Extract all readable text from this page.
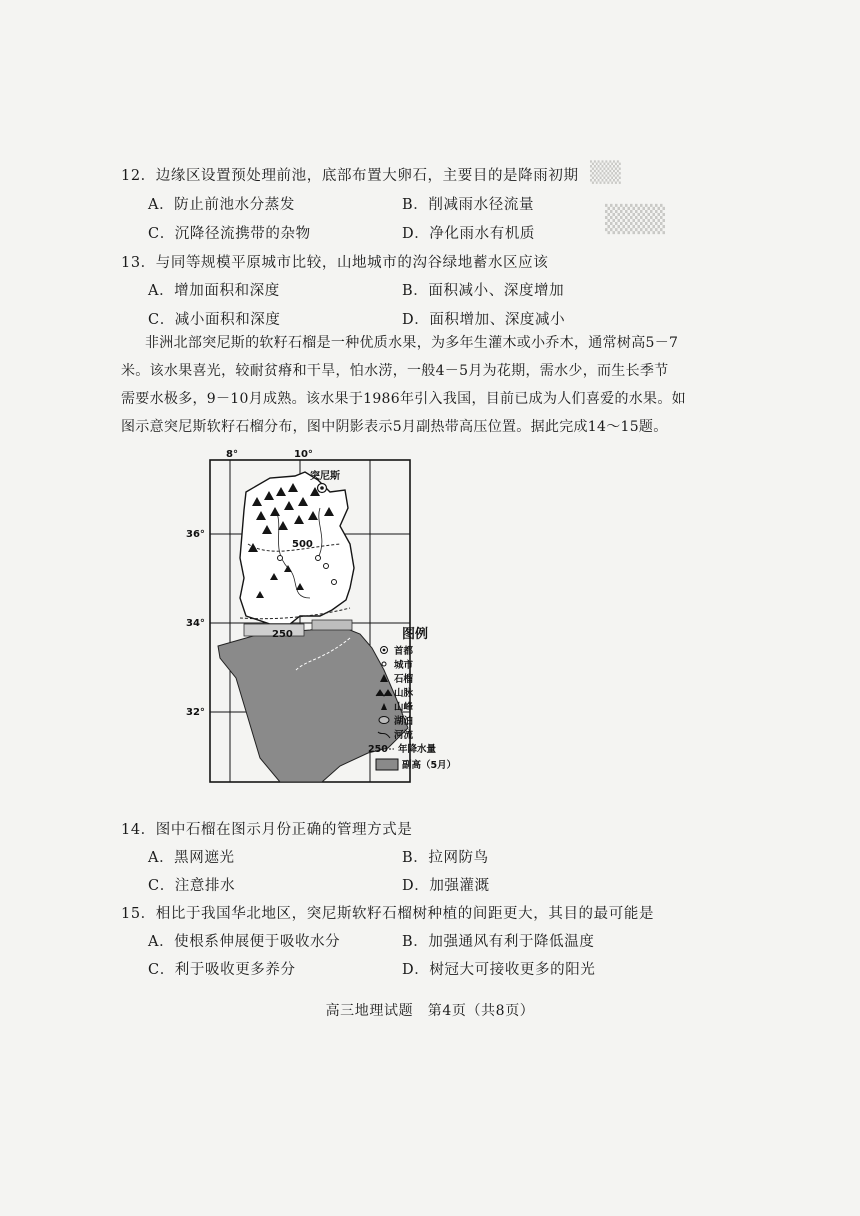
▒▒
▒▒▒
12．边缘区设置预处理前池，底部布置大卵石，主要目的是降雨初期
A．防止前池水分蒸发	B．削减雨水径流量
C．沉降径流携带的杂物	D．净化雨水有机质
13．与同等规模平原城市比较，山地城市的沟谷绿地蓄水区应该
A．增加面积和深度	B．面积减小、深度增加
C．减小面积和深度	D．面积增加、深度减小
非洲北部突尼斯的软籽石榴是一种优质水果，为多年生灌木或小乔木，通常树高5－7
米。该水果喜光，较耐贫瘠和干旱，怕水涝，一般4－5月为花期，需水少，而生长季节
需要水极多，9－10月成熟。该水果于1986年引入我国，目前已成为人们喜爱的水果。如
图示意突尼斯软籽石榴分布，图中阴影表示5月副热带高压位置。据此完成14～15题。
突尼斯
8°	10°
36°
34°
32°
500
250	图例
首都
城市
石榴
山脉
山峰
湖泊
河流
250 年降水量
副高（5月）
14．图中石榴在图示月份正确的管理方式是
A．黑网遮光	B．拉网防鸟
C．注意排水	D．加强灌溉
15．相比于我国华北地区，突尼斯软籽石榴树种植的间距更大，其目的最可能是
A．使根系伸展便于吸收水分	B．加强通风有利于降低温度
C．利于吸收更多养分	D．树冠大可接收更多的阳光
高三地理试题　第4页（共8页）
